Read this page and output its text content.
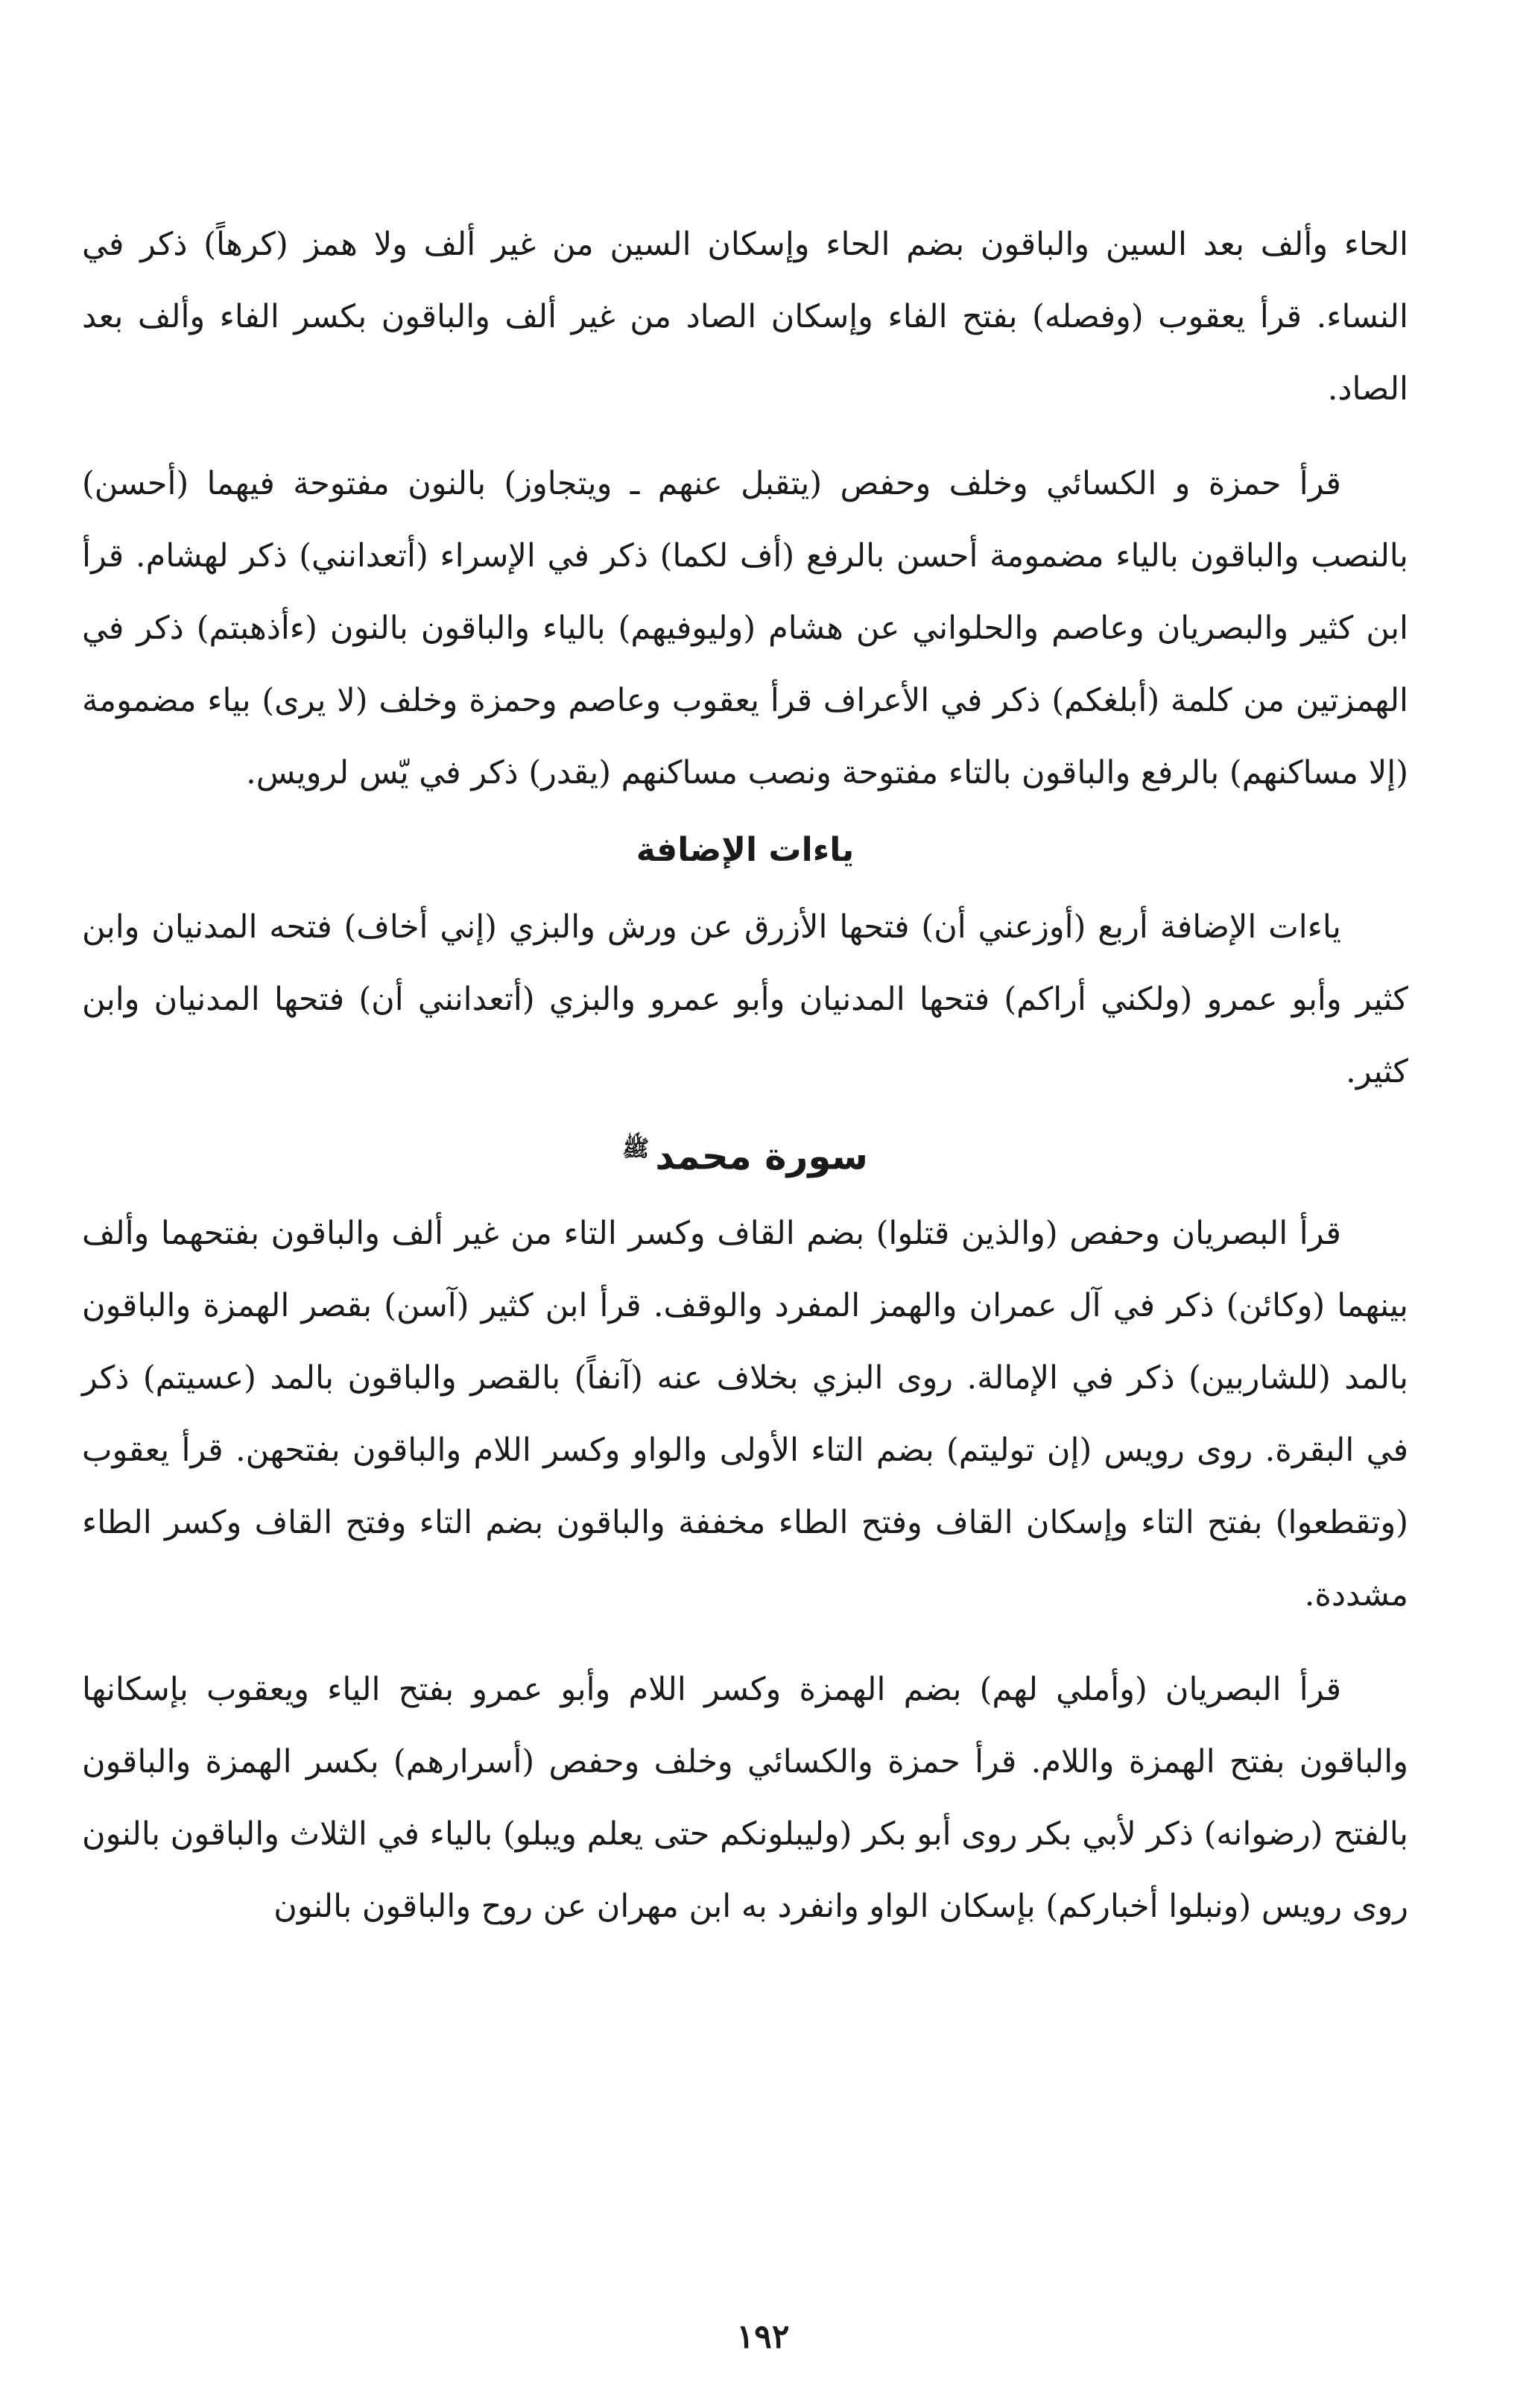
الحاء وألف بعد السين والباقون بضم الحاء وإسكان السين من غير ألف ولا همز (كرهاً) ذكر في النساء. قرأ يعقوب (وفصله) بفتح الفاء وإسكان الصاد من غير ألف والباقون بكسر الفاء وألف بعد الصاد.

قرأ حمزة و الكسائي وخلف وحفص (يتقبل عنهم ـ ويتجاوز) بالنون مفتوحة فيهما (أحسن) بالنصب والباقون بالياء مضمومة أحسن بالرفع (أف لكما) ذكر في الإسراء (أتعدانني) ذكر لهشام. قرأ ابن كثير والبصريان وعاصم والحلواني عن هشام (وليوفيهم) بالياء والباقون بالنون (ءأذهبتم) ذكر في الهمزتين من كلمة (أبلغكم) ذكر في الأعراف قرأ يعقوب وعاصم وحمزة وخلف (لا يرى) بياء مضمومة (إلا مساكنهم) بالرفع والباقون بالتاء مفتوحة ونصب مساكنهم (يقدر) ذكر في يّس لرويس.

ياءات الإضافة

ياءات الإضافة أربع (أوزعني أن) فتحها الأزرق عن ورش والبزي (إني أخاف) فتحه المدنيان وابن كثير وأبو عمرو (ولكني أراكم) فتحها المدنيان وأبو عمرو والبزي (أتعدانني أن) فتحها المدنيان وابن كثير.

سورة محمد$^ﷺ$

قرأ البصريان وحفص (والذين قتلوا) بضم القاف وكسر التاء من غير ألف والباقون بفتحهما وألف بينهما (وكائن) ذكر في آل عمران والهمز المفرد والوقف. قرأ ابن كثير (آسن) بقصر الهمزة والباقون بالمد (للشاربين) ذكر في الإمالة. روى البزي بخلاف عنه (آنفاً) بالقصر والباقون بالمد (عسيتم) ذكر في البقرة. روى رويس (إن توليتم) بضم التاء الأولى والواو وكسر اللام والباقون بفتحهن. قرأ يعقوب (وتقطعوا) بفتح التاء وإسكان القاف وفتح الطاء مخففة والباقون بضم التاء وفتح القاف وكسر الطاء مشددة.

قرأ البصريان (وأملي لهم) بضم الهمزة وكسر اللام وأبو عمرو بفتح الياء ويعقوب بإسكانها والباقون بفتح الهمزة واللام. قرأ حمزة والكسائي وخلف وحفص (أسرارهم) بكسر الهمزة والباقون بالفتح (رضوانه) ذكر لأبي بكر روى أبو بكر (وليبلونكم حتى يعلم ويبلو) بالياء في الثلاث والباقون بالنون روى رويس (ونبلوا أخباركم) بإسكان الواو وانفرد به ابن مهران عن روح والباقون بالنون

١٩٢
